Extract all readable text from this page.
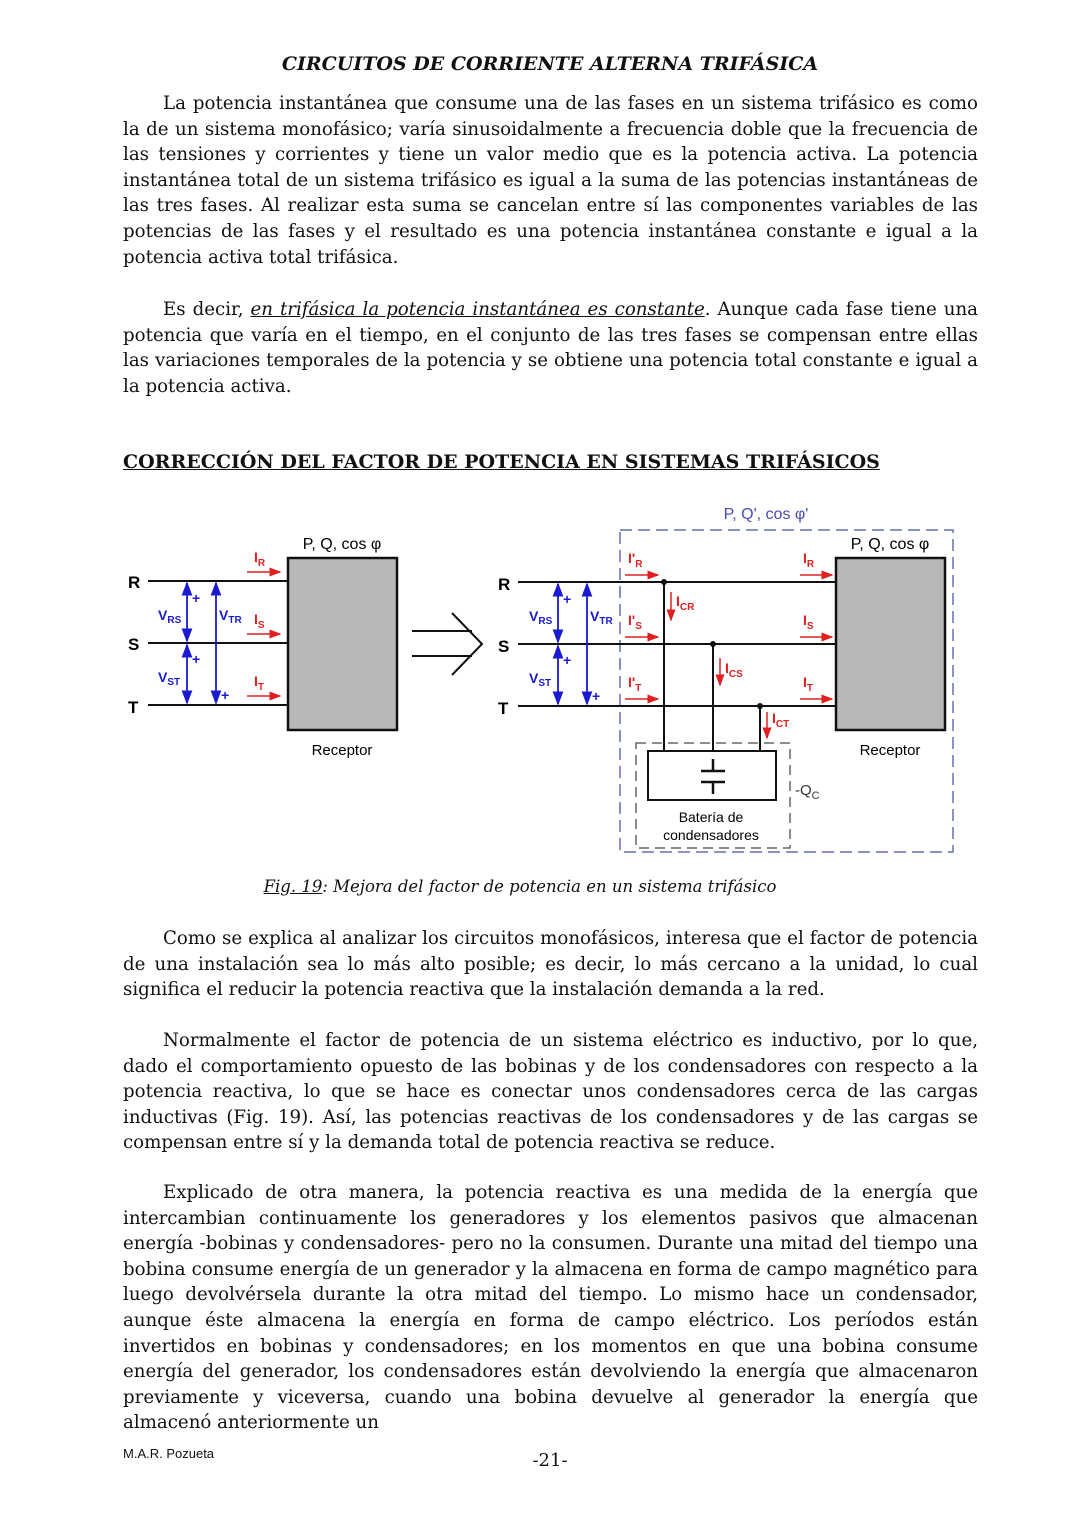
CIRCUITOS DE CORRIENTE ALTERNA TRIFÁSICA

La potencia instantánea que consume una de las fases en un sistema trifásico es como la de un sistema monofásico; varía sinusoidalmente a frecuencia doble que la frecuencia de las tensiones y corrientes y tiene un valor medio que es la potencia activa. La potencia instantánea total de un sistema trifásico es igual a la suma de las potencias instantáneas de las tres fases. Al realizar esta suma se cancelan entre sí las componentes variables de las potencias de las fases y el resultado es una potencia instantánea constante e igual a la potencia activa total trifásica.

Es decir, en trifásica la potencia instantánea es constante. Aunque cada fase tiene una potencia que varía en el tiempo, en el conjunto de las tres fases se compensan entre ellas las variaciones temporales de la potencia y se obtiene una potencia total constante e igual a la potencia activa.

CORRECCIÓN DEL FACTOR DE POTENCIA EN SISTEMAS TRIFÁSICOS
R
S
T
P, Q, cos φ
Receptor
$V_{RS}$
$V_{ST}$
$V_{TR}$
+
+
+
$I_R$
$I_S$
$I_T$
P, Q', cos φ'
R
S
T
P, Q, cos φ
Receptor
Batería de
condensadores
$-Q_C$
$V_{RS}$
$V_{ST}$
$V_{TR}$
+
+
+
$I'_R$
$I'_S$
$I'_T$
$I_R$
$I_S$
$I_T$
$I_{CR}$
$I_{CS}$
$I_{CT}$
Fig. 19: Mejora del factor de potencia en un sistema trifásico

Como se explica al analizar los circuitos monofásicos, interesa que el factor de potencia de una instalación sea lo más alto posible; es decir, lo más cercano a la unidad, lo cual significa el reducir la potencia reactiva que la instalación demanda a la red.

Normalmente el factor de potencia de un sistema eléctrico es inductivo, por lo que, dado el comportamiento opuesto de las bobinas y de los condensadores con respecto a la potencia reactiva, lo que se hace es conectar unos condensadores cerca de las cargas inductivas (Fig. 19). Así, las potencias reactivas de los condensadores y de las cargas se compensan entre sí y la demanda total de potencia reactiva se reduce.

Explicado de otra manera, la potencia reactiva es una medida de la energía que intercambian continuamente los generadores y los elementos pasivos que almacenan energía -bobinas y condensadores- pero no la consumen. Durante una mitad del tiempo una bobina consume energía de un generador y la almacena en forma de campo magnético para luego devolvérsela durante la otra mitad del tiempo. Lo mismo hace un condensador, aunque éste almacena la energía en forma de campo eléctrico. Los períodos están invertidos en bobinas y condensadores; en los momentos en que una bobina consume energía del generador, los condensadores están devolviendo la energía que almacenaron previamente y viceversa, cuando una bobina devuelve al generador la energía que almacenó anteriormente un

M.A.R. Pozueta	-21-
